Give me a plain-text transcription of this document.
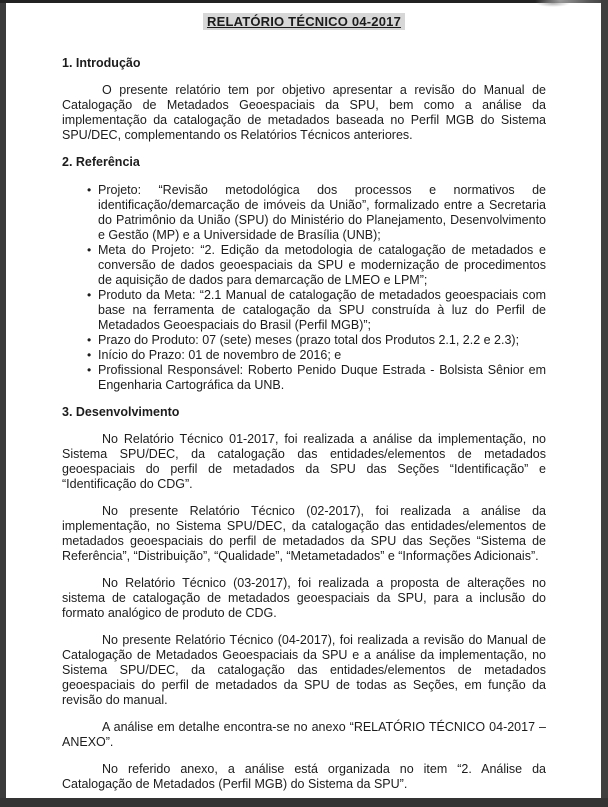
RELATÓRIO TÉCNICO 04-2017
1. Introdução

O presente relatório tem por objetivo apresentar a revisão do Manual de Catalogação de Metadados Geoespaciais da SPU, bem como a análise da implementação da catalogação de metadados baseada no Perfil MGB do Sistema SPU/DEC, complementando os Relatórios Técnicos anteriores.

2. Referência
• Projeto: “Revisão metodológica dos processos e normativos de identificação/demarcação de imóveis da União”, formalizado entre a Secretaria do Patrimônio da União (SPU) do Ministério do Planejamento, Desenvolvimento e Gestão (MP) e a Universidade de Brasília (UNB);
• Meta do Projeto: “2. Edição da metodologia de catalogação de metadados e conversão de dados geoespaciais da SPU e modernização de procedimentos de aquisição de dados para demarcação de LMEO e LPM”;
• Produto da Meta: “2.1 Manual de catalogação de metadados geoespaciais com base na ferramenta de catalogação da SPU construída à luz do Perfil de Metadados Geoespaciais do Brasil (Perfil MGB)”;
• Prazo do Produto: 07 (sete) meses (prazo total dos Produtos 2.1, 2.2 e 2.3);
• Início do Prazo: 01 de novembro de 2016; e
• Profissional Responsável: Roberto Penido Duque Estrada - Bolsista Sênior em Engenharia Cartográfica da UNB.
3. Desenvolvimento

No Relatório Técnico 01-2017, foi realizada a análise da implementação, no Sistema SPU/DEC, da catalogação das entidades/elementos de metadados geoespaciais do perfil de metadados da SPU das Seções “Identificação” e “Identificação do CDG”.

No presente Relatório Técnico (02-2017), foi realizada a análise da implementação, no Sistema SPU/DEC, da catalogação das entidades/elementos de metadados geoespaciais do perfil de metadados da SPU das Seções “Sistema de Referência”, “Distribuição”, “Qualidade”, “Metametadados” e “Informações Adicionais”.

No Relatório Técnico (03-2017), foi realizada a proposta de alterações no sistema de catalogação de metadados geoespaciais da SPU, para a inclusão do formato analógico de produto de CDG.

No presente Relatório Técnico (04-2017), foi realizada a revisão do Manual de Catalogação de Metadados Geoespaciais da SPU e a análise da implementação, no Sistema SPU/DEC, da catalogação das entidades/elementos de metadados geoespaciais do perfil de metadados da SPU de todas as Seções, em função da revisão do manual.

A análise em detalhe encontra-se no anexo “RELATÓRIO TÉCNICO 04-2017 – ANEXO”.

No referido anexo, a análise está organizada no item “2. Análise da Catalogação de Metadados (Perfil MGB) do Sistema da SPU”.
